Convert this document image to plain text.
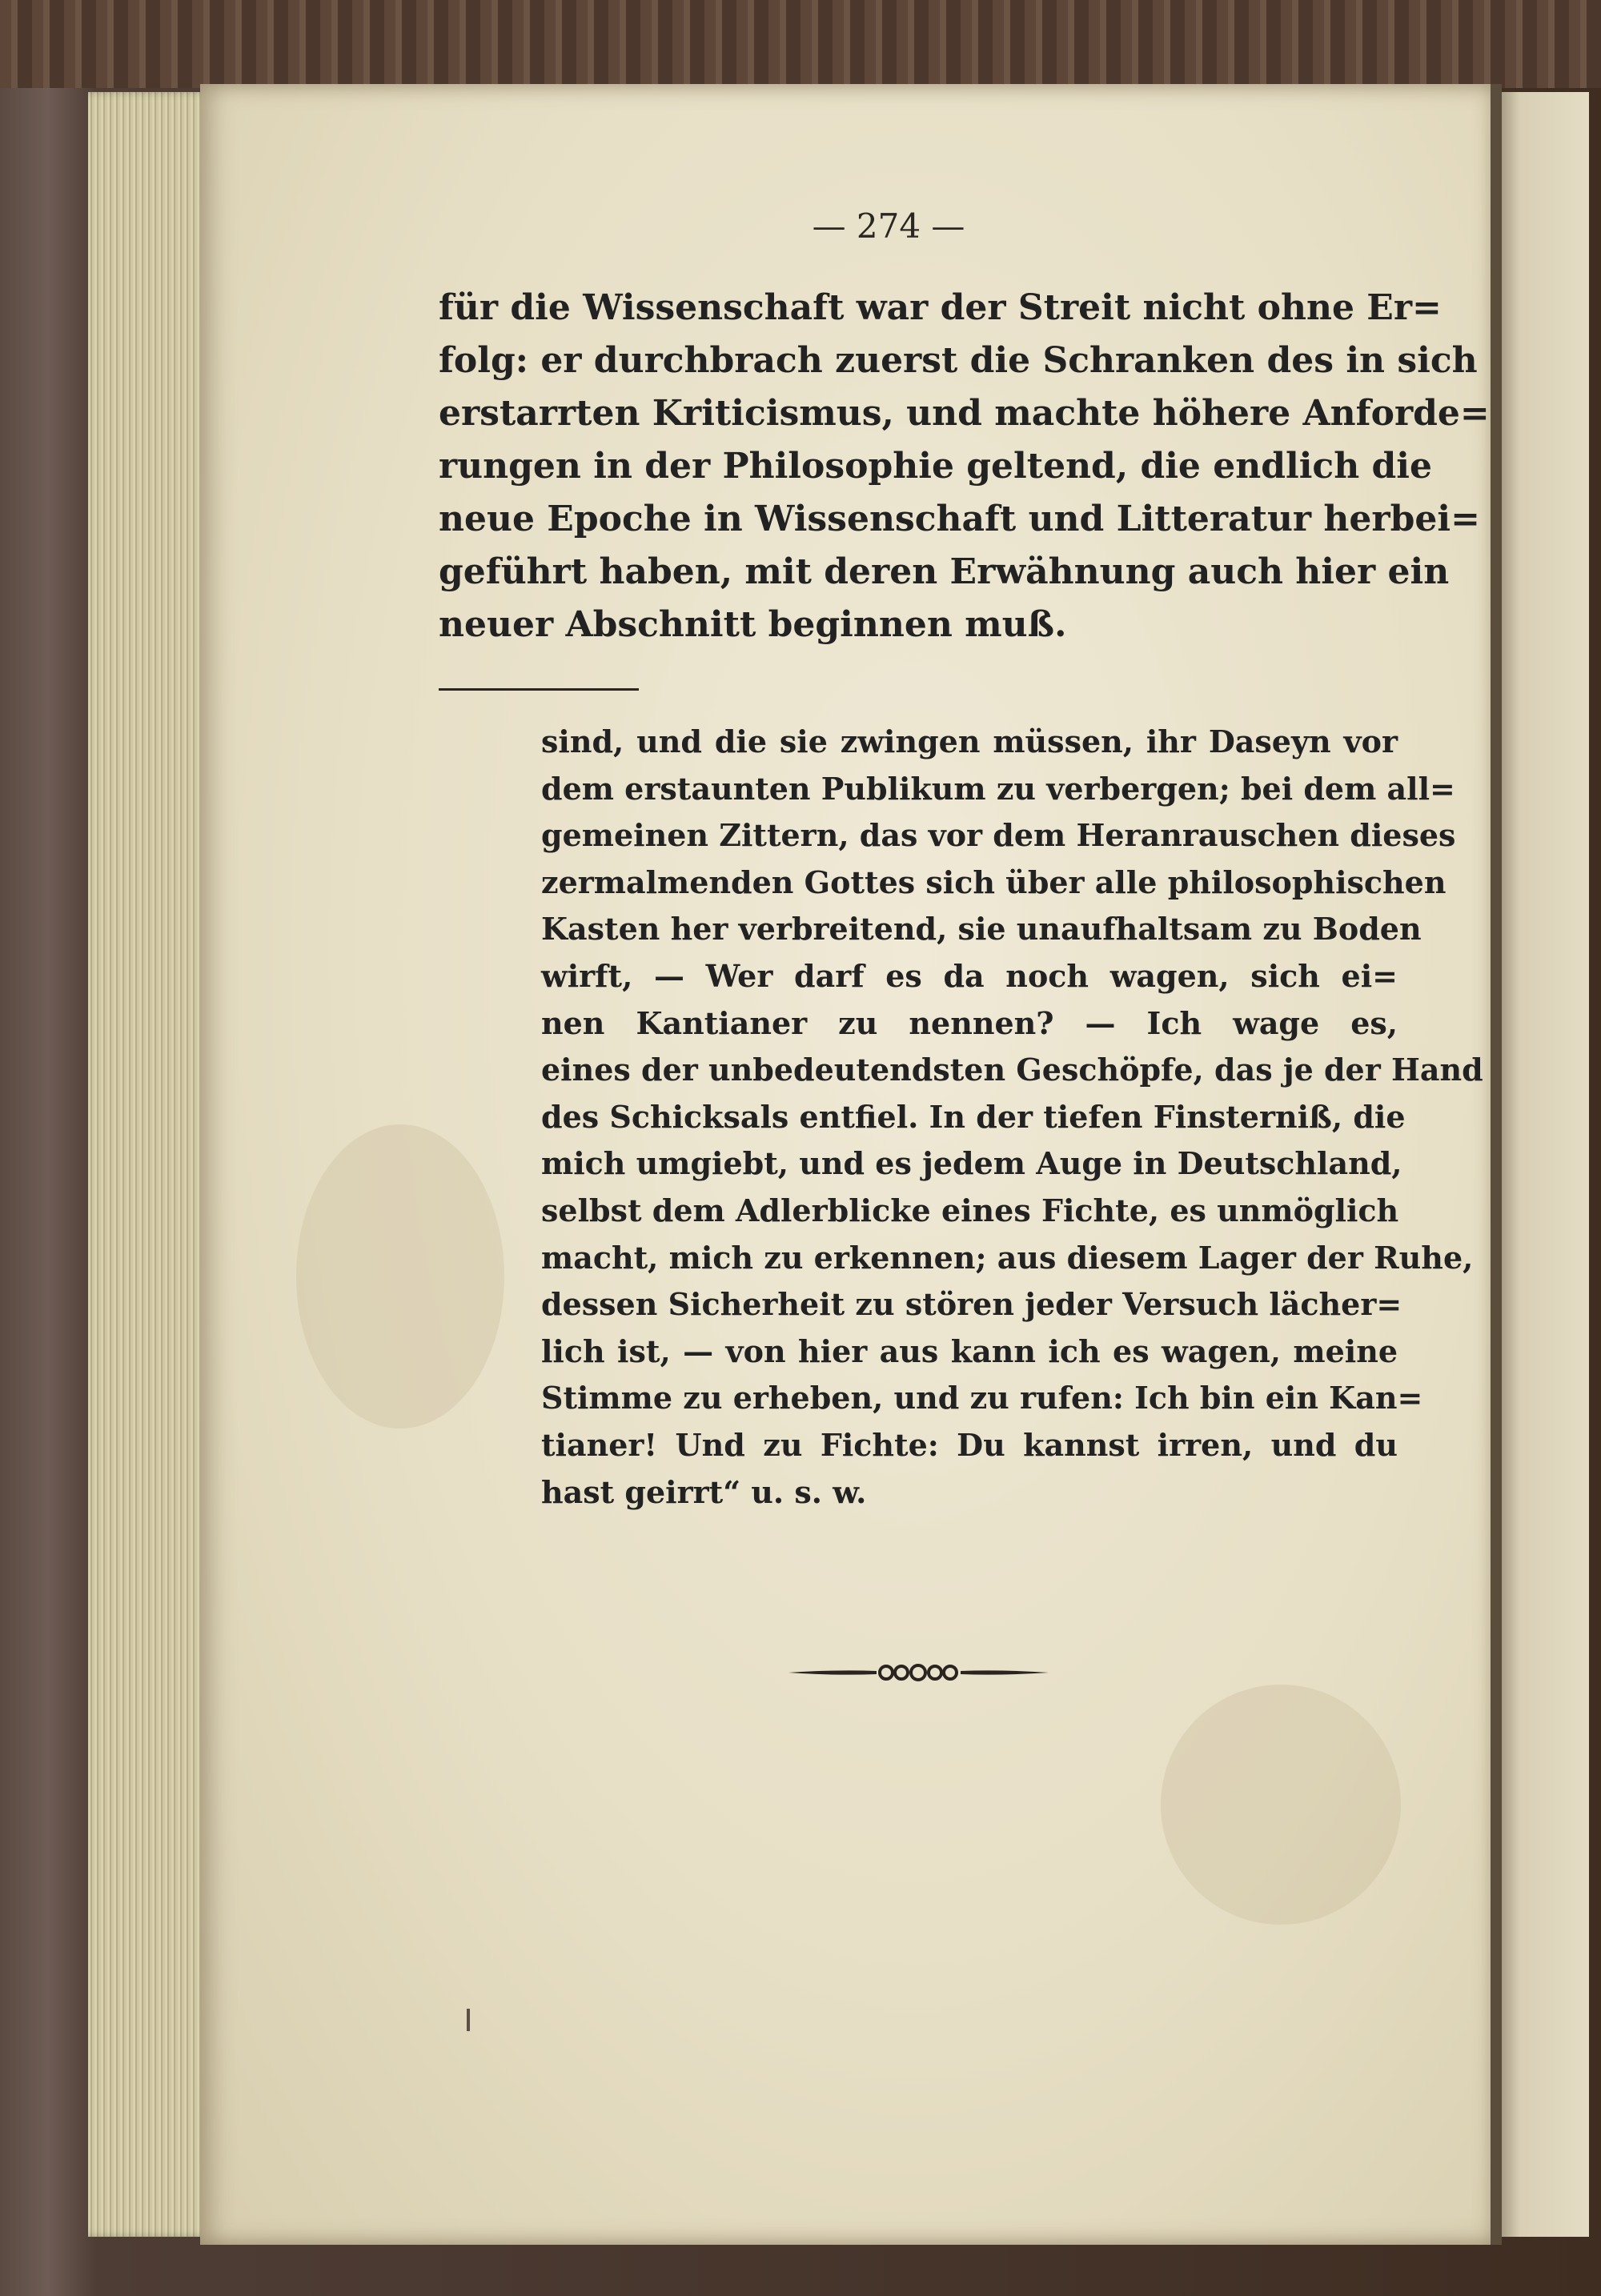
— 274 —
für die Wissenschaft war der Streit nicht ohne Er=
folg: er durchbrach zuerst die Schranken des in sich
erstarrten Kriticismus, und machte höhere Anforde=
rungen in der Philosophie geltend, die endlich die
neue Epoche in Wissenschaft und Litteratur herbei=
geführt haben, mit deren Erwähnung auch hier ein
neuer Abschnitt beginnen muß.
sind, und die sie zwingen müssen, ihr Daseyn vor
dem erstaunten Publikum zu verbergen; bei dem all=
gemeinen Zittern, das vor dem Heranrauschen dieses
zermalmenden Gottes sich über alle philosophischen
Kasten her verbreitend, sie unaufhaltsam zu Boden
wirft, — Wer darf es da noch wagen, sich ei=
nen Kantianer zu nennen? — Ich wage es,
eines der unbedeutendsten Geschöpfe, das je der Hand
des Schicksals entfiel. In der tiefen Finsterniß, die
mich umgiebt, und es jedem Auge in Deutschland,
selbst dem Adlerblicke eines Fichte, es unmöglich
macht, mich zu erkennen; aus diesem Lager der Ruhe,
dessen Sicherheit zu stören jeder Versuch lächer=
lich ist, — von hier aus kann ich es wagen, meine
Stimme zu erheben, und zu rufen: Ich bin ein Kan=
tianer! Und zu Fichte: Du kannst irren, und du
hast geirrt“ u. s. w.
